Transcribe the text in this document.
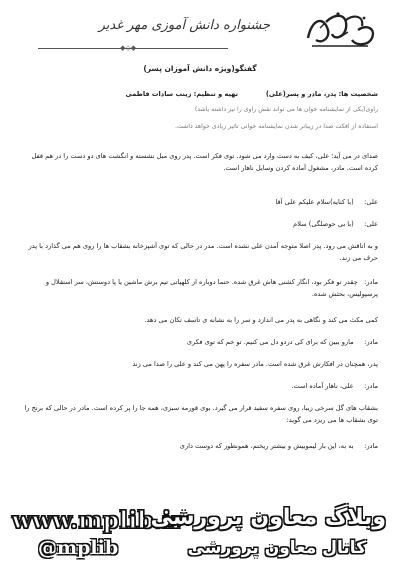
جشنواره دانش آموزی مهر غدیر
◆◇◆
گفتگو(ویژه دانش آموزان پسر)
شخصیت ها: پدر، مادر و پسر(علی)
تهیه و تنظیم: زینب سادات فاطمی
راوی(یکی از نمایشنامه خوان ها می تواند نقش راوی را نیز داشته باشد)
استفاده از افکت صدا در زیباتر شدن نمایشنامه خوانی تاثیر زیادی خواهد داشت.
صدای در می آید؛ علی، کیف به دست وارد می شود. توی فکر است. پدر روی مبل نشسته و انگشت های دو دست را در هم قفل کرده است. مادر، مشغول آماده کردن وسایل ناهار است.
علی:     (با کنایه)سلام علیکم علی آقا
علی:     (با بی حوصلگی) سلام
و به اتاقش می رود. پدر اصلا متوجه آمدن علی نشده است. مدر در حالی که توی آشپزخانه بشقاب ها را روی هم می گذارد با پدر حرف می زند.
مادر:   چقدر تو فکر بود، انگار کشتی هاش غرق شده. حتما دوباره از کلهپاتی تیم برش ماشین یا پا دوستش، سر استقلال و پرسپولیس، بحثش شده.
کمی مکث می کند و نگاهی به پدر می اندازد و سر را به نشانه ی تاسف تکان می دهد.
مادر:     مارو ببین که برای کی دردو دل می کنیم. تو خم که توی فکری
پدر، همچنان در افکارش غرق شده است. مادر سفره را پهن می کند و علی را صدا می زند
مادر:     علی، ناهار آماده است.
بشقاب های گل سرخی زیبا، روی سفره سفید قرار می گیرد. بوی قورمه سبزی، همه جا را پر کرده است. مادر در حالی که برنج را توی بشقاب ها می ریزد می گوید:
مادر:     به به، این بار لیموبیش و بیشتر ریختم، همونطور که دوست داری
www.mplib.ir
وبلاگ معاون پرورشی
@mplib	کانال معاون پرورشی
